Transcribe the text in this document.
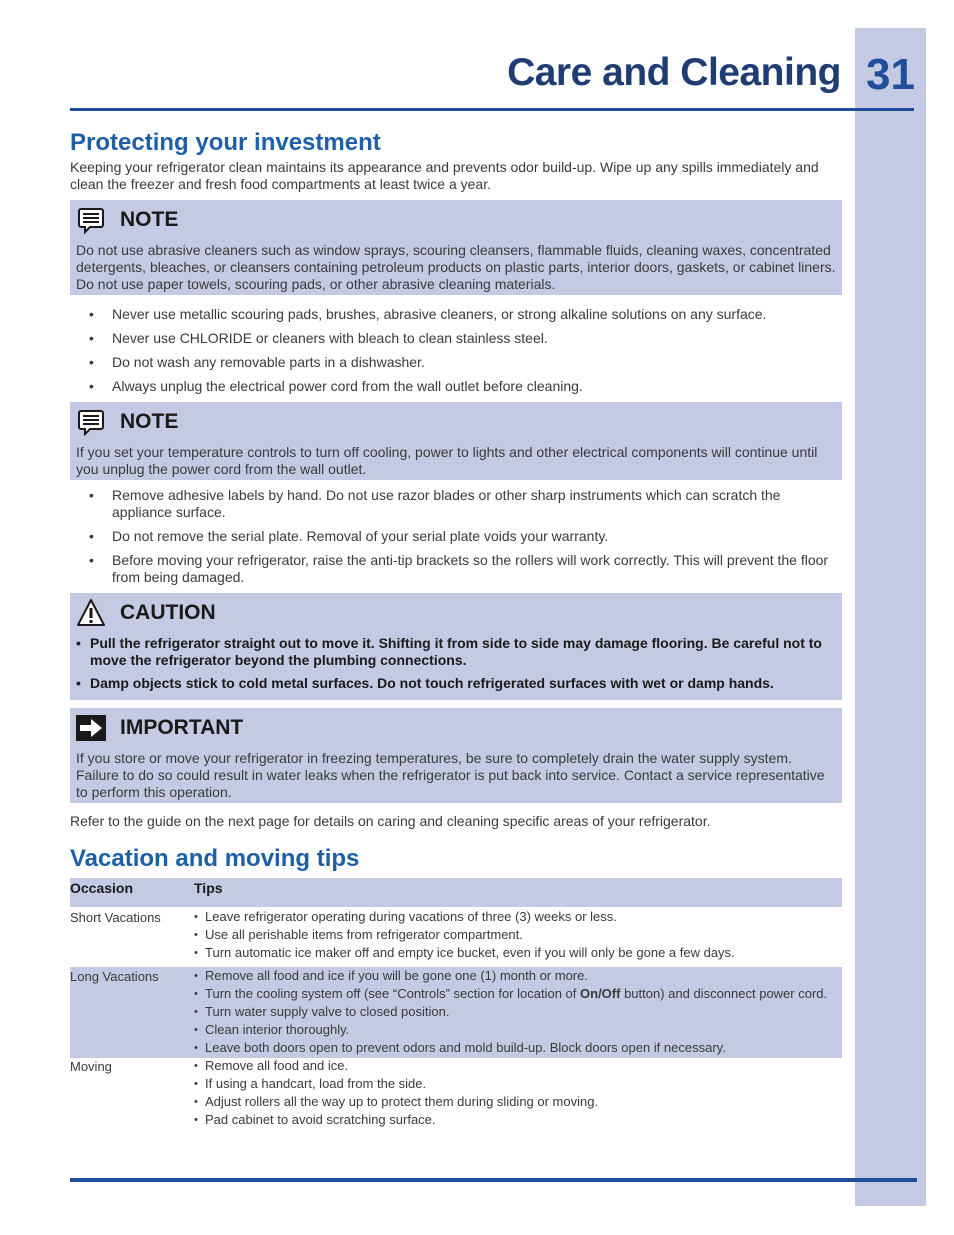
31
Care and Cleaning
Protecting your investment

Keeping your refrigerator clean maintains its appearance and prevents odor build-up. Wipe up any spills immediately and clean the freezer and fresh food compartments at least twice a year.

NOTE

Do not use abrasive cleaners such as window sprays, scouring cleansers, flammable fluids, cleaning waxes, concentrated detergents, bleaches, or cleansers containing petroleum products on plastic parts, interior doors, gaskets, or cabinet liners. Do not use paper towels, scouring pads, or other abrasive cleaning materials.

• Never use metallic scouring pads, brushes, abrasive cleaners, or strong alkaline solutions on any surface.
• Never use CHLORIDE or cleaners with bleach to clean stainless steel.
• Do not wash any removable parts in a dishwasher.
• Always unplug the electrical power cord from the wall outlet before cleaning.
NOTE

If you set your temperature controls to turn off cooling, power to lights and other electrical components will continue until you unplug the power cord from the wall outlet.

• Remove adhesive labels by hand. Do not use razor blades or other sharp instruments which can scratch the appliance surface.
• Do not remove the serial plate. Removal of your serial plate voids your warranty.
• Before moving your refrigerator, raise the anti-tip brackets so the rollers will work correctly. This will prevent the floor from being damaged.
CAUTION
• Pull the refrigerator straight out to move it. Shifting it from side to side may damage flooring. Be careful not to move the refrigerator beyond the plumbing connections.
• Damp objects stick to cold metal surfaces. Do not touch refrigerated surfaces with wet or damp hands.
IMPORTANT

If you store or move your refrigerator in freezing temperatures, be sure to completely drain the water supply system. Failure to do so could result in water leaks when the refrigerator is put back into service. Contact a service representative to perform this operation.

Refer to the guide on the next page for details on caring and cleaning specific areas of your refrigerator.

Vacation and moving tips
Occasion	Tips
Short Vacations	• Leave refrigerator operating during vacations of three (3) weeks or less.
• Use all perishable items from refrigerator compartment.
• Turn automatic ice maker off and empty ice bucket, even if you will only be gone a few days.
Long Vacations	• Remove all food and ice if you will be gone one (1) month or more.
• Turn the cooling system off (see “Controls” section for location of On/Off button) and disconnect power cord.
• Turn water supply valve to closed position.
• Clean interior thoroughly.
• Leave both doors open to prevent odors and mold build-up. Block doors open if necessary.
Moving	• Remove all food and ice.
• If using a handcart, load from the side.
• Adjust rollers all the way up to protect them during sliding or moving.
• Pad cabinet to avoid scratching surface.
